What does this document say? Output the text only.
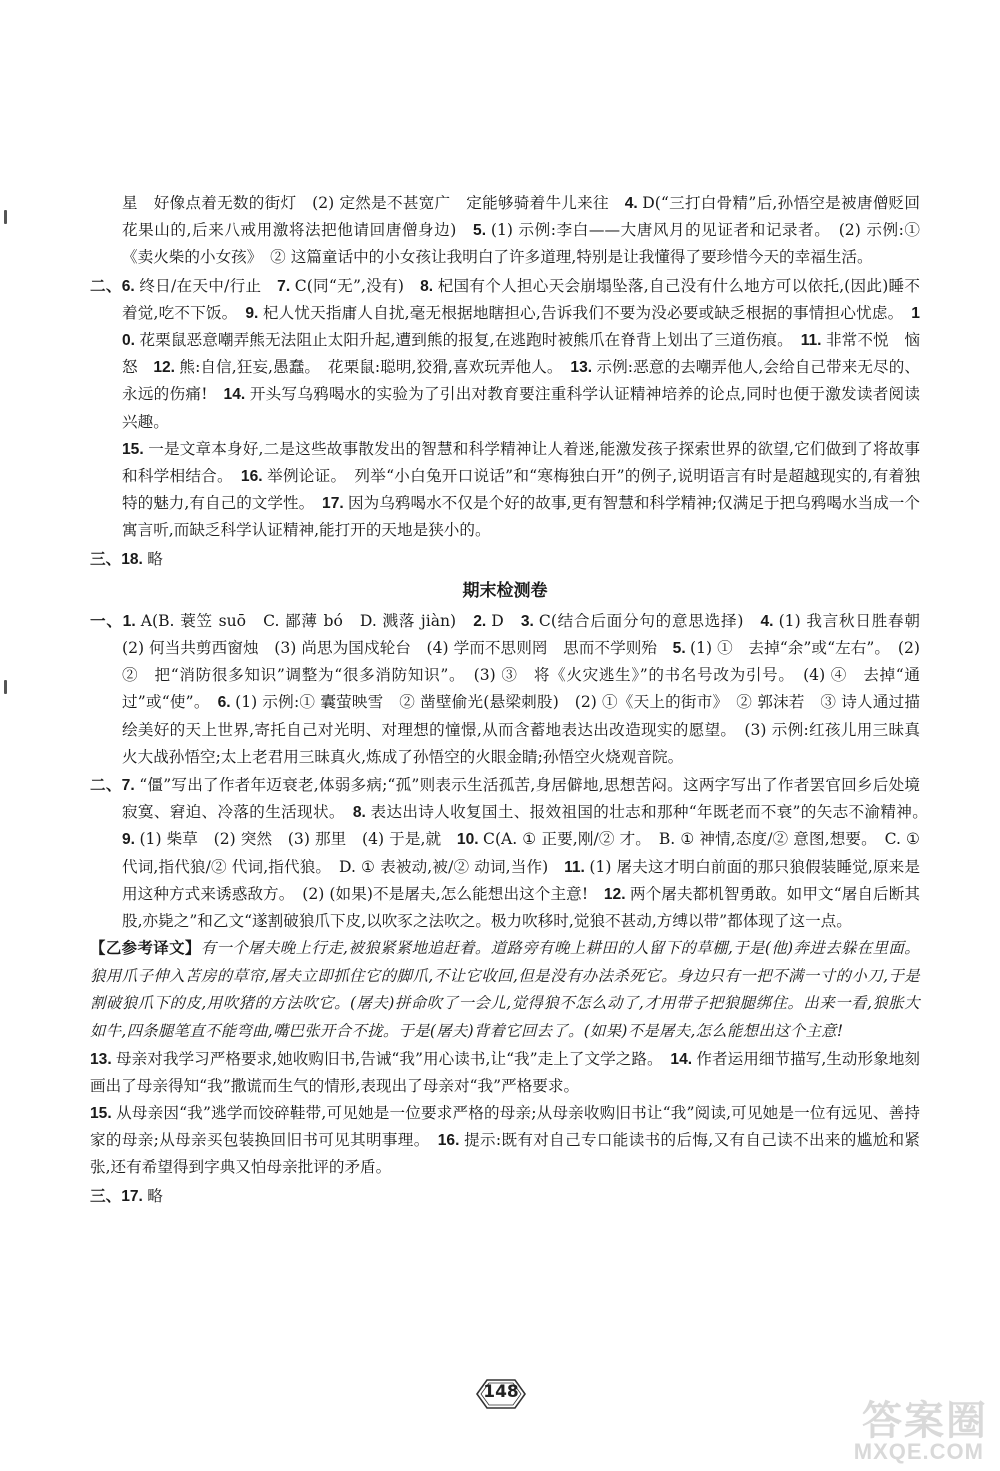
星　好像点着无数的街灯　(2) 定然是不甚宽广　定能够骑着牛儿来往　4. D(“三打白骨精”后,孙悟空是被唐僧贬回花果山的,后来八戒用激将法把他请回唐僧身边)　5. (1) 示例:李白——大唐风月的见证者和记录者。　(2) 示例:①《卖火柴的小女孩》　② 这篇童话中的小女孩让我明白了许多道理,特别是让我懂得了要珍惜今天的幸福生活。

二、6. 终日/在天中/行止　7. C(同“无”,没有)　8. 杞国有个人担心天会崩塌坠落,自己没有什么地方可以依托,(因此)睡不着觉,吃不下饭。　9. 杞人忧天指庸人自扰,毫无根据地瞎担心,告诉我们不要为没必要或缺乏根据的事情担心忧虑。　10. 花栗鼠恶意嘲弄熊无法阻止太阳升起,遭到熊的报复,在逃跑时被熊爪在脊背上划出了三道伤痕。　11. 非常不悦　恼怒　12. 熊:自信,狂妄,愚蠢。　花栗鼠:聪明,狡猾,喜欢玩弄他人。　13. 示例:恶意的去嘲弄他人,会给自己带来无尽的、永远的伤痛!　14. 开头写乌鸦喝水的实验为了引出对教育要注重科学认证精神培养的论点,同时也便于激发读者阅读兴趣。

15. 一是文章本身好,二是这些故事散发出的智慧和科学精神让人着迷,能激发孩子探索世界的欲望,它们做到了将故事和科学相结合。　16. 举例论证。　列举“小白兔开口说话”和“寒梅独白开”的例子,说明语言有时是超越现实的,有着独特的魅力,有自己的文学性。　17. 因为乌鸦喝水不仅是个好的故事,更有智慧和科学精神;仅满足于把乌鸦喝水当成一个寓言听,而缺乏科学认证精神,能打开的天地是狭小的。

三、18. 略

期末检测卷

一、1. A(B. 蓑笠 suō　C. 鄙薄 bó　D. 溅落 jiàn)　2. D　3. C(结合后面分句的意思选择)　4. (1) 我言秋日胜春朝　(2) 何当共剪西窗烛　(3) 尚思为国戍轮台　(4) 学而不思则罔　思而不学则殆　5. (1) ①　去掉“余”或“左右”。　(2) ②　把“消防很多知识”调整为“很多消防知识”。　(3) ③　将《火灾逃生》”的书名号改为引号。　(4) ④　去掉“通过”或“使”。　6. (1) 示例:① 囊萤映雪　② 凿壁偷光(悬梁刺股)　(2) ①《天上的街市》　② 郭沫若　③ 诗人通过描绘美好的天上世界,寄托自己对光明、对理想的憧憬,从而含蓄地表达出改造现实的愿望。　(3) 示例:红孩儿用三昧真火大战孙悟空;太上老君用三昧真火,炼成了孙悟空的火眼金睛;孙悟空火烧观音院。

二、7. “僵”写出了作者年迈衰老,体弱多病;“孤”则表示生活孤苦,身居僻地,思想苦闷。这两字写出了作者罢官回乡后处境寂寞、窘迫、冷落的生活现状。　8. 表达出诗人收复国土、报效祖国的壮志和那种“年既老而不衰”的矢志不渝精神。　9. (1) 柴草　(2) 突然　(3) 那里　(4) 于是,就　10. C(A. ① 正要,刚/② 才。　B. ① 神情,态度/② 意图,想要。　C. ① 代词,指代狼/② 代词,指代狼。　D. ① 表被动,被/② 动词,当作)　11. (1) 屠夫这才明白前面的那只狼假装睡觉,原来是用这种方式来诱惑敌方。　(2) (如果)不是屠夫,怎么能想出这个主意!　12. 两个屠夫都机智勇敢。如甲文“屠自后断其股,亦毙之”和乙文“遂割破狼爪下皮,以吹豕之法吹之。极力吹移时,觉狼不甚动,方缚以带”都体现了这一点。

【乙参考译文】有一个屠夫晚上行走,被狼紧紧地追赶着。道路旁有晚上耕田的人留下的草棚,于是(他)奔进去躲在里面。狼用爪子伸入苫房的草帘,屠夫立即抓住它的脚爪,不让它收回,但是没有办法杀死它。身边只有一把不满一寸的小刀,于是割破狼爪下的皮,用吹猪的方法吹它。(屠夫)拼命吹了一会儿,觉得狼不怎么动了,才用带子把狼腿绑住。出来一看,狼胀大如牛,四条腿笔直不能弯曲,嘴巴张开合不拢。于是(屠夫)背着它回去了。(如果)不是屠夫,怎么能想出这个主意!

13. 母亲对我学习严格要求,她收购旧书,告诫“我”用心读书,让“我”走上了文学之路。　14. 作者运用细节描写,生动形象地刻画出了母亲得知“我”撒谎而生气的情形,表现出了母亲对“我”严格要求。

15. 从母亲因“我”逃学而饺碎鞋带,可见她是一位要求严格的母亲;从母亲收购旧书让“我”阅读,可见她是一位有远见、善持家的母亲;从母亲买包装换回旧书可见其明事理。　16. 提示:既有对自己专口能读书的后悔,又有自己读不出来的尴尬和紧张,还有希望得到字典又怕母亲批评的矛盾。

三、17. 略

148
答案圈
MXQE.COM
